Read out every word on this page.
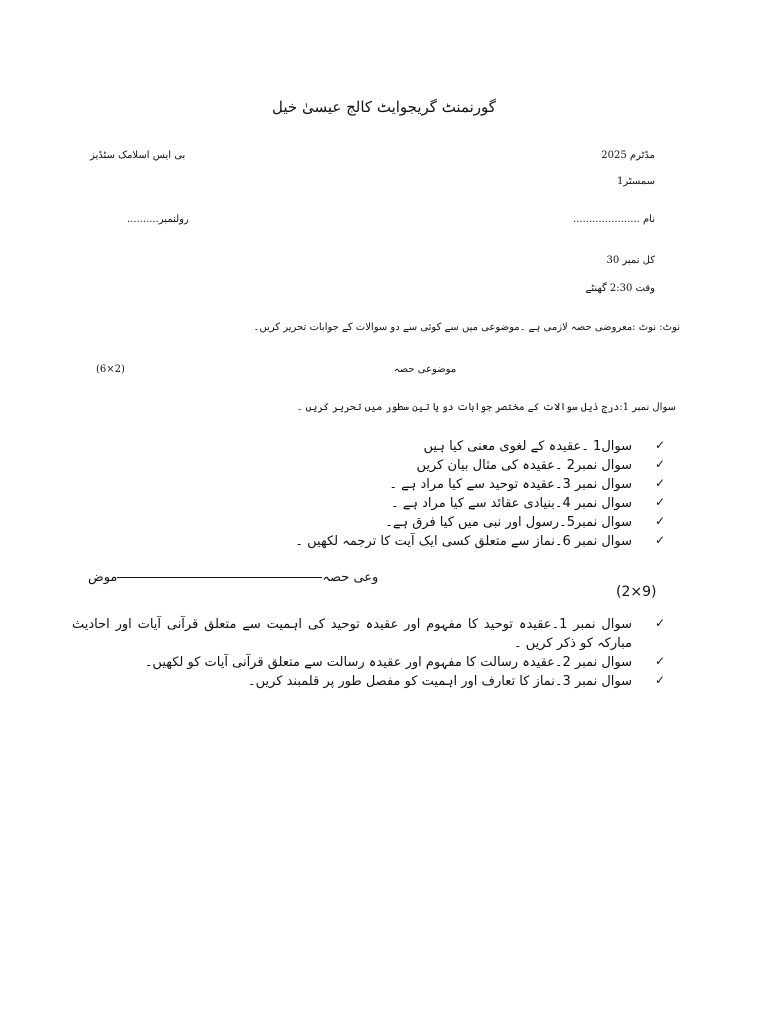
گورنمنٹ گریجوایٹ کالج عیسیٰ خیل
بی ایس اسلامک سٹڈیز	مڈٹرم 2025
سمسٹر1
رولنمبر..........	نام .....................
کل نمبر 30
وقت 2:30 گھنٹے
نوٹ: نوٹ :معروضی حصہ لازمی ہے ۔موضوعی میں سے کوئی سے دو سوالات کے جوابات تحریر کریں۔
موضوعی حصہ
(6×2)
سوال نمبر 1:درج ذیل سوالات کے مختصر جوابات دو یا تین سطور میں تحریر کریں ۔
سوال1 ۔عقیدہ کے لغوی معنی کیا ہیں
سوال نمبر2 ۔عقیدہ کی مثال بیان کریں
سوال نمبر 3۔عقیدہ توحید سے کیا مراد ہے ۔
سوال نمبر 4۔بنیادی عقائد سے کیا مراد ہے ۔
سوال نمبر5۔رسول اور نبی میں کیا فرق ہے۔
سوال نمبر 6۔نماز سے متعلق کسی ایک آیت کا ترجمہ لکھیں ۔
✓
✓
✓
✓
✓
✓
وعی حصہموض
(2×9)
سوال نمبر 1۔عقیدہ توحید کا مفہوم اور عقیدہ توحید کی اہمیت سے متعلق قرآنی آیات اور احادیث مبارکہ کو ذکر کریں ۔
سوال نمبر 2۔عقیدہ رسالت کا مفہوم اور عقیدہ رسالت سے متعلق قرآنی آیات کو لکھیں۔
سوال نمبر 3۔نماز کا تعارف اور اہمیت کو مفصل طور پر قلمبند کریں۔
✓
✓
✓
